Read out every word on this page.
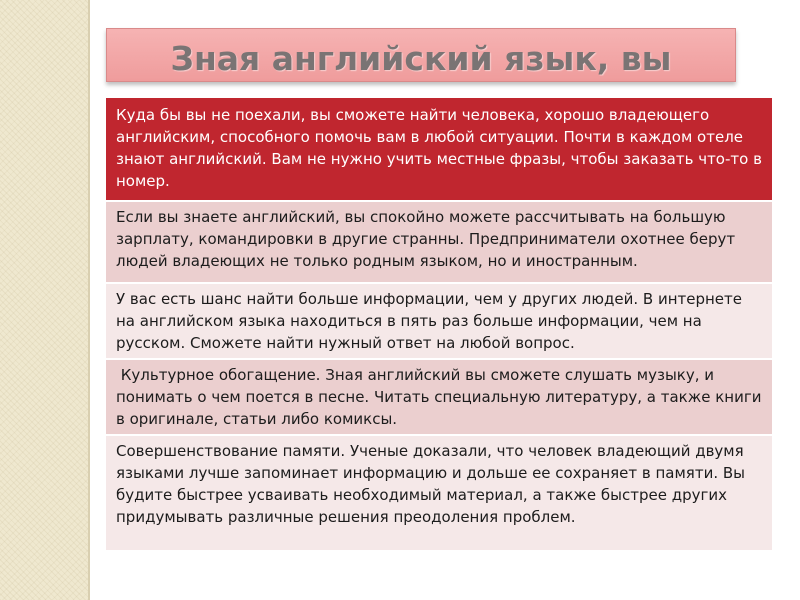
Зная английский язык, вы
Куда бы вы не поехали, вы сможете найти человека, хорошо владеющего английским, способного помочь вам в любой ситуации. Почти в каждом отеле знают английский. Вам не нужно учить местные фразы, чтобы заказать что-то в номер.
Если вы знаете английский, вы спокойно можете рассчитывать на большую зарплату, командировки в другие странны. Предприниматели охотнее берут людей владеющих не только родным языком, но и иностранным.
У вас есть шанс найти больше информации, чем у других людей. В интернете на английском языка находиться в пять раз больше информации, чем на русском. Сможете найти нужный ответ на любой вопрос.
Культурное обогащение. Зная английский вы сможете слушать музыку, и понимать о чем поется в песне. Читать специальную литературу, а также книги в оригинале, статьи либо комиксы.
Совершенствование памяти. Ученые доказали, что человек владеющий двумя языками лучше запоминает информацию и дольше ее сохраняет в памяти. Вы будите быстрее усваивать необходимый материал, а также быстрее других придумывать различные решения преодоления проблем.
